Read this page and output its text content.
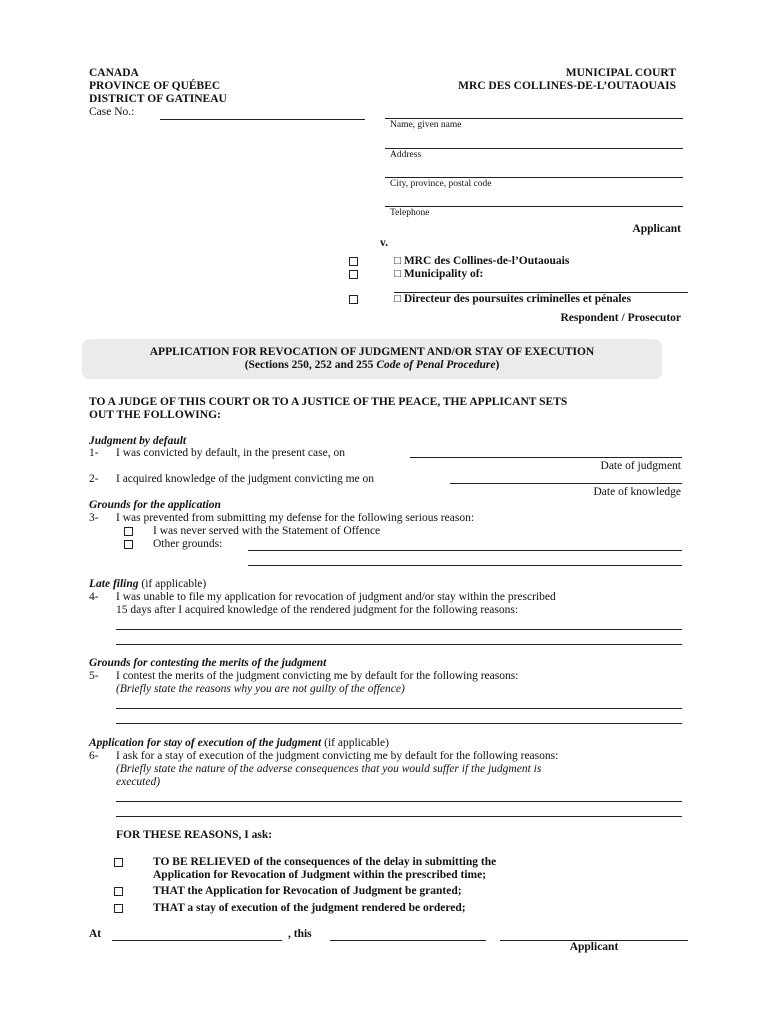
CANADA
PROVINCE OF QUÉBEC
DISTRICT OF GATINEAU
Case No.:
MUNICIPAL COURT
MRC DES COLLINES-DE-L’OUTAOUAIS
Name, given name
Address
City, province, postal code
Telephone
Applicant
v.
□ MRC des Collines-de-l’Outaouais
□ Municipality of:
□ Directeur des poursuites criminelles et pénales
Respondent / Prosecutor
APPLICATION FOR REVOCATION OF JUDGMENT AND/OR STAY OF EXECUTION
(Sections 250, 252 and 255 Code of Penal Procedure)
TO A JUDGE OF THIS COURT OR TO A JUSTICE OF THE PEACE, THE APPLICANT SETS
OUT THE FOLLOWING:
Judgment by default
1- I was convicted by default, in the present case, on
Date of judgment
2- I acquired knowledge of the judgment convicting me on
Date of knowledge
Grounds for the application
3- I was prevented from submitting my defense for the following serious reason:
I was never served with the Statement of Offence
Other grounds:
Late filing (if applicable)
4- I was unable to file my application for revocation of judgment and/or stay within the prescribed
15 days after I acquired knowledge of the rendered judgment for the following reasons:
Grounds for contesting the merits of the judgment
5- I contest the merits of the judgment convicting me by default for the following reasons:
(Briefly state the reasons why you are not guilty of the offence)
Application for stay of execution of the judgment (if applicable)
6- I ask for a stay of execution of the judgment convicting me by default for the following reasons:
(Briefly state the nature of the adverse consequences that you would suffer if the judgment is
executed)
FOR THESE REASONS, I ask:
TO BE RELIEVED of the consequences of the delay in submitting the
Application for Revocation of Judgment within the prescribed time;
THAT the Application for Revocation of Judgment be granted;
THAT a stay of execution of the judgment rendered be ordered;
At	, this
Applicant
